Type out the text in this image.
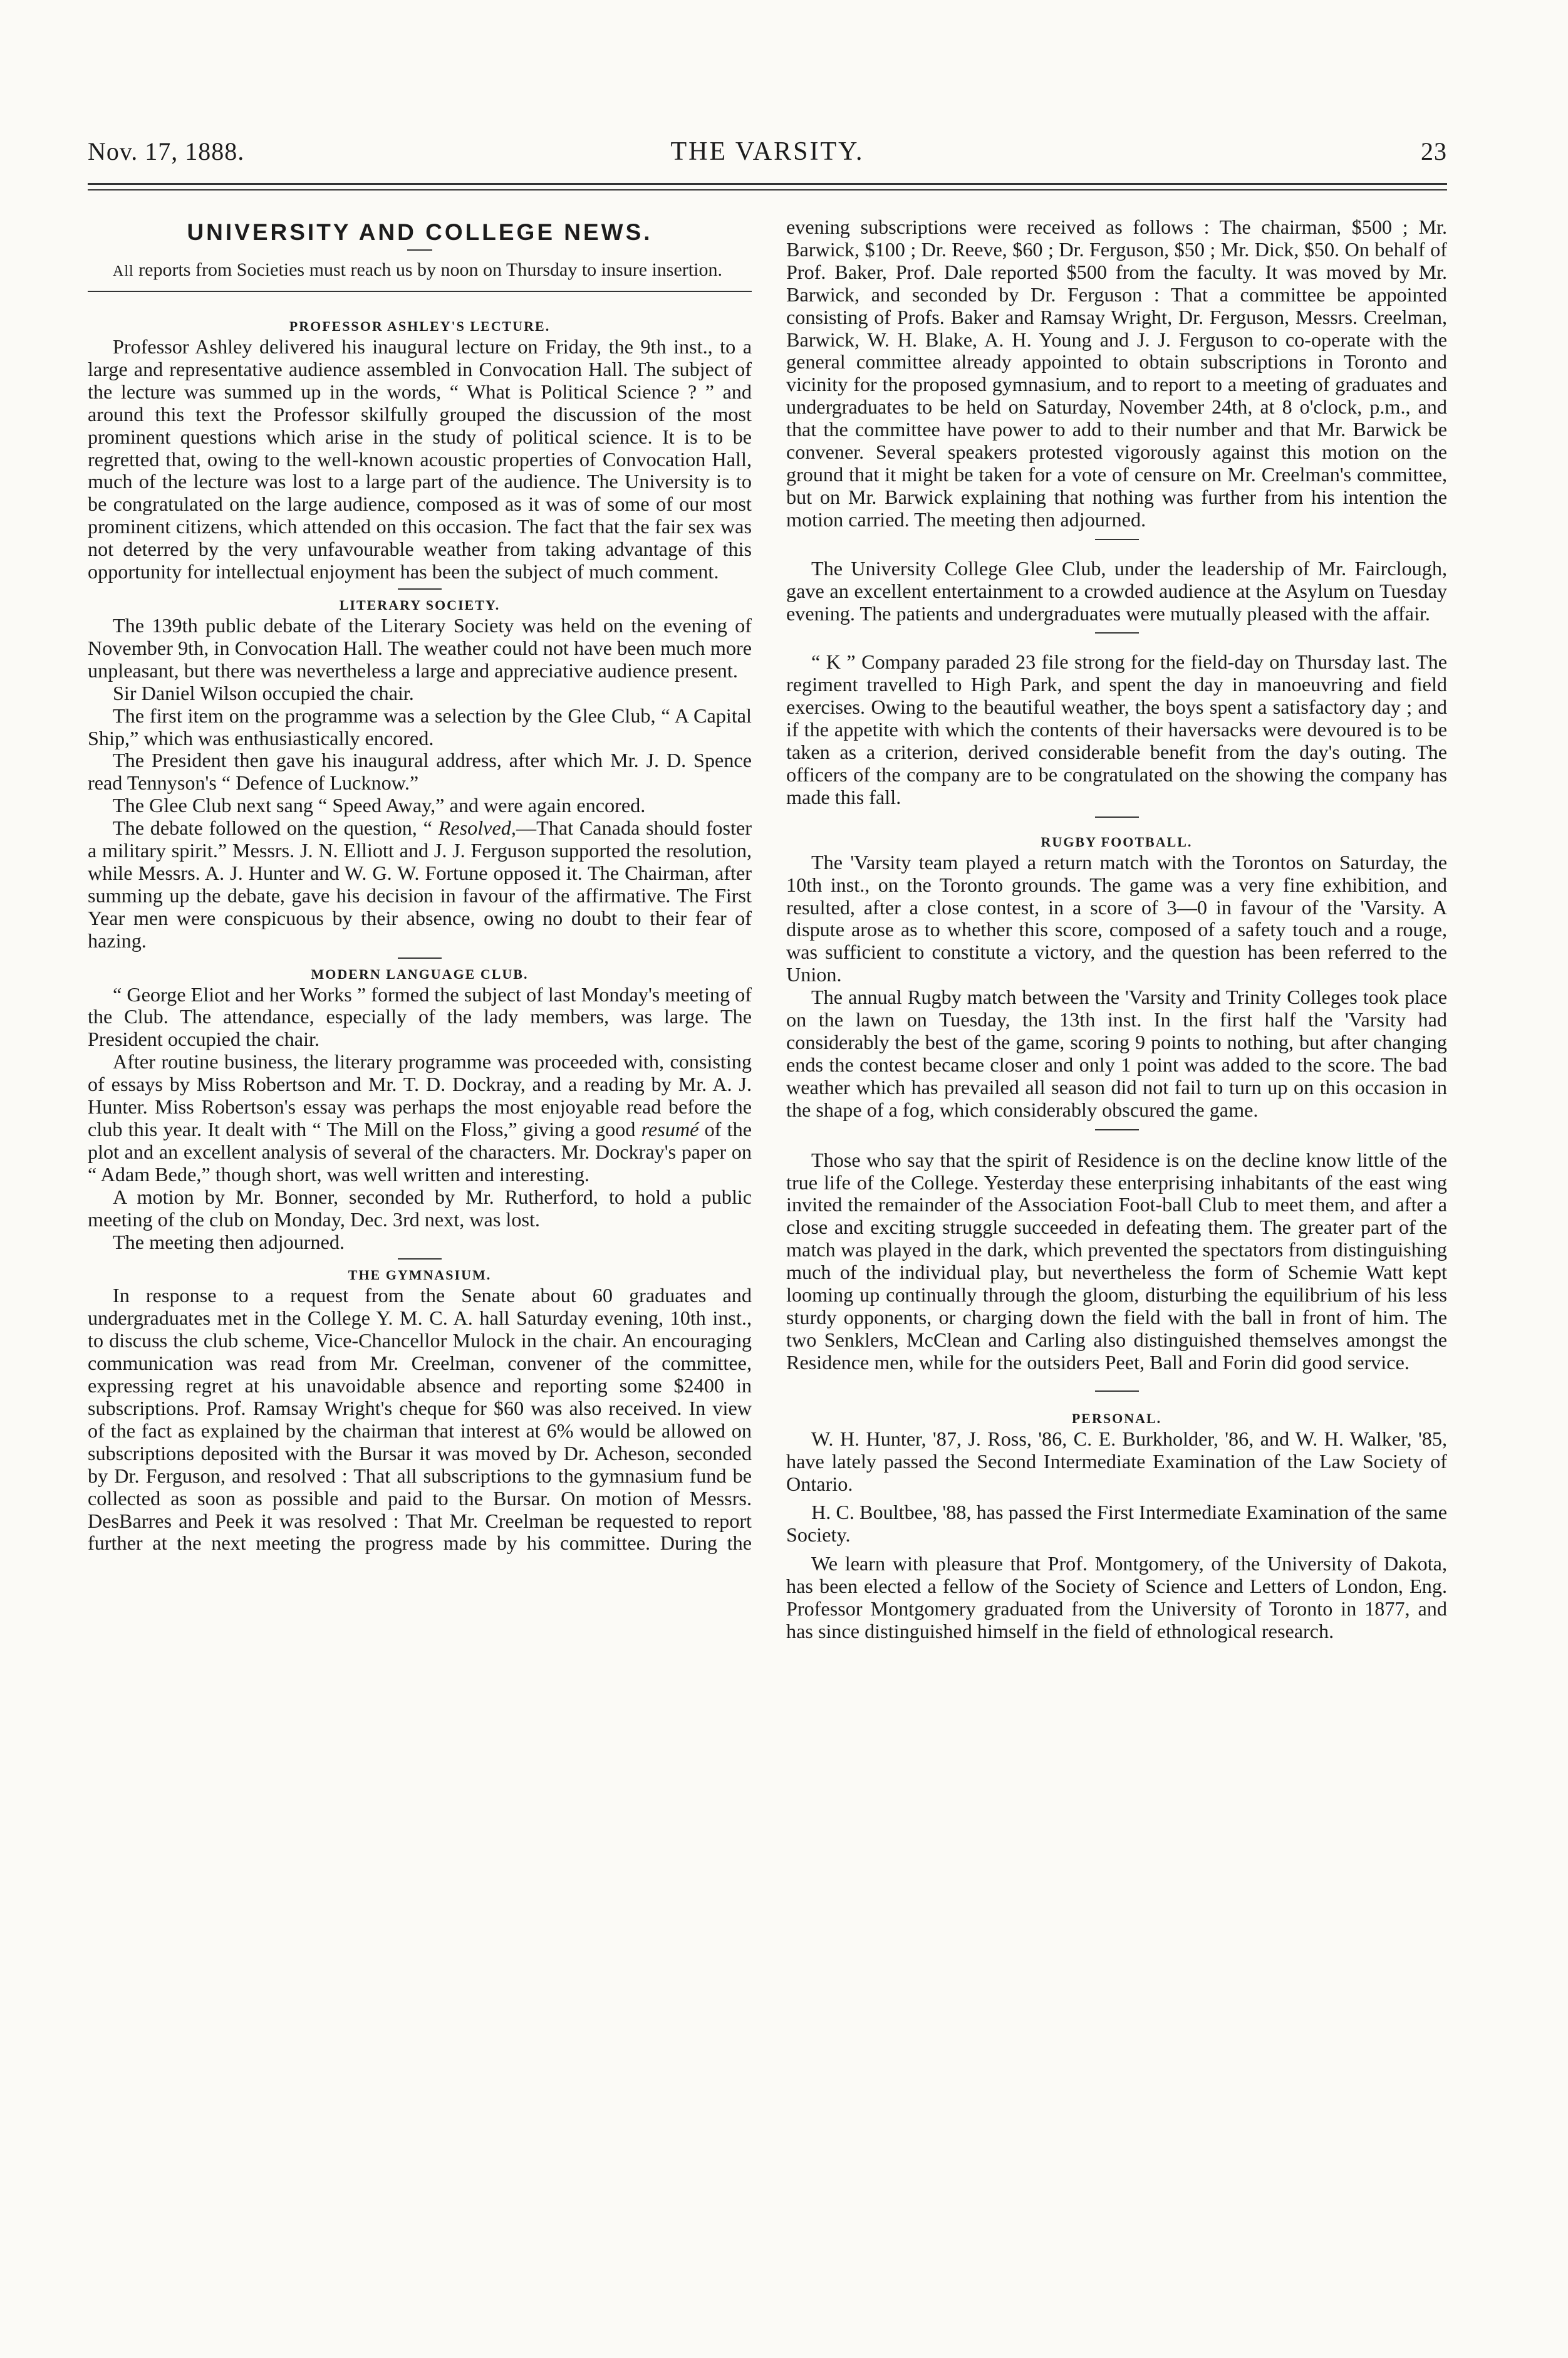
Nov. 17, 1888.	THE VARSITY.	23
UNIVERSITY AND COLLEGE NEWS.

All reports from Societies must reach us by noon on Thursday to insure insertion.

PROFESSOR ASHLEY'S LECTURE.

Professor Ashley delivered his inaugural lecture on Friday, the 9th inst., to a large and representative audience assembled in Convocation Hall. The subject of the lecture was summed up in the words, “ What is Political Science ? ” and around this text the Professor skilfully grouped the discussion of the most prominent questions which arise in the study of political science. It is to be regretted that, owing to the well-known acoustic properties of Convocation Hall, much of the lecture was lost to a large part of the audience. The University is to be congratulated on the large audience, composed as it was of some of our most prominent citizens, which attended on this occasion. The fact that the fair sex was not deterred by the very unfavourable weather from taking advantage of this opportunity for intellectual enjoyment has been the subject of much comment.

LITERARY SOCIETY.

The 139th public debate of the Literary Society was held on the evening of November 9th, in Convocation Hall. The weather could not have been much more unpleasant, but there was nevertheless a large and appreciative audience present.

Sir Daniel Wilson occupied the chair.

The first item on the programme was a selection by the Glee Club, “ A Capital Ship,” which was enthusiastically encored.

The President then gave his inaugural address, after which Mr. J. D. Spence read Tennyson's “ Defence of Lucknow.”

The Glee Club next sang “ Speed Away,” and were again encored.

The debate followed on the question, “ Resolved,—That Canada should foster a military spirit.” Messrs. J. N. Elliott and J. J. Ferguson supported the resolution, while Messrs. A. J. Hunter and W. G. W. Fortune opposed it. The Chairman, after summing up the debate, gave his decision in favour of the affirmative. The First Year men were conspicuous by their absence, owing no doubt to their fear of hazing.

MODERN LANGUAGE CLUB.

“ George Eliot and her Works ” formed the subject of last Monday's meeting of the Club. The attendance, especially of the lady members, was large. The President occupied the chair.

After routine business, the literary programme was proceeded with, consisting of essays by Miss Robertson and Mr. T. D. Dockray, and a reading by Mr. A. J. Hunter. Miss Robertson's essay was perhaps the most enjoyable read before the club this year. It dealt with “ The Mill on the Floss,” giving a good resumé of the plot and an excellent analysis of several of the characters. Mr. Dockray's paper on “ Adam Bede,” though short, was well written and interesting.

A motion by Mr. Bonner, seconded by Mr. Rutherford, to hold a public meeting of the club on Monday, Dec. 3rd next, was lost.

The meeting then adjourned.

THE GYMNASIUM.

In response to a request from the Senate about 60 graduates and undergraduates met in the College Y. M. C. A. hall Saturday evening, 10th inst., to discuss the club scheme, Vice-Chancellor Mulock in the chair. An encouraging communication was read from Mr. Creelman, convener of the committee, expressing regret at his unavoidable absence and reporting some $2400 in subscriptions. Prof. Ramsay Wright's cheque for $60 was also received. In view of the fact as explained by the chairman that interest at 6% would be allowed on subscriptions deposited with the Bursar it was moved by Dr. Acheson, seconded by Dr. Ferguson, and resolved : That all subscriptions to the gymnasium fund be collected as soon as possible and paid to the Bursar. On motion of Messrs. DesBarres and Peek it was resolved : That Mr. Creelman be requested to report further at the next meeting the progress made by his committee. During the

evening subscriptions were received as follows : The chairman, $500 ; Mr. Barwick, $100 ; Dr. Reeve, $60 ; Dr. Ferguson, $50 ; Mr. Dick, $50. On behalf of Prof. Baker, Prof. Dale reported $500 from the faculty. It was moved by Mr. Barwick, and seconded by Dr. Ferguson : That a committee be appointed consisting of Profs. Baker and Ramsay Wright, Dr. Ferguson, Messrs. Creelman, Barwick, W. H. Blake, A. H. Young and J. J. Ferguson to co-operate with the general committee already appointed to obtain subscriptions in Toronto and vicinity for the proposed gymnasium, and to report to a meeting of graduates and undergraduates to be held on Saturday, November 24th, at 8 o'clock, p.m., and that the committee have power to add to their number and that Mr. Barwick be convener. Several speakers protested vigorously against this motion on the ground that it might be taken for a vote of censure on Mr. Creelman's committee, but on Mr. Barwick explaining that nothing was further from his intention the motion carried. The meeting then adjourned.

The University College Glee Club, under the leadership of Mr. Fairclough, gave an excellent entertainment to a crowded audience at the Asylum on Tuesday evening. The patients and undergraduates were mutually pleased with the affair.

“ K ” Company paraded 23 file strong for the field-day on Thursday last. The regiment travelled to High Park, and spent the day in manoeuvring and field exercises. Owing to the beautiful weather, the boys spent a satisfactory day ; and if the appetite with which the contents of their haversacks were devoured is to be taken as a criterion, derived considerable benefit from the day's outing. The officers of the company are to be congratulated on the showing the company has made this fall.

RUGBY FOOTBALL.

The 'Varsity team played a return match with the Torontos on Saturday, the 10th inst., on the Toronto grounds. The game was a very fine exhibition, and resulted, after a close contest, in a score of 3—0 in favour of the 'Varsity. A dispute arose as to whether this score, composed of a safety touch and a rouge, was sufficient to constitute a victory, and the question has been referred to the Union.

The annual Rugby match between the 'Varsity and Trinity Colleges took place on the lawn on Tuesday, the 13th inst. In the first half the 'Varsity had considerably the best of the game, scoring 9 points to nothing, but after changing ends the contest became closer and only 1 point was added to the score. The bad weather which has prevailed all season did not fail to turn up on this occasion in the shape of a fog, which considerably obscured the game.

Those who say that the spirit of Residence is on the decline know little of the true life of the College. Yesterday these enterprising inhabitants of the east wing invited the remainder of the Association Foot-ball Club to meet them, and after a close and exciting struggle succeeded in defeating them. The greater part of the match was played in the dark, which prevented the spectators from distinguishing much of the individual play, but nevertheless the form of Schemie Watt kept looming up continually through the gloom, disturbing the equilibrium of his less sturdy opponents, or charging down the field with the ball in front of him. The two Senklers, McClean and Carling also distinguished themselves amongst the Residence men, while for the outsiders Peet, Ball and Forin did good service.

PERSONAL.

W. H. Hunter, '87, J. Ross, '86, C. E. Burkholder, '86, and W. H. Walker, '85, have lately passed the Second Intermediate Examination of the Law Society of Ontario.

H. C. Boultbee, '88, has passed the First Intermediate Examination of the same Society.

We learn with pleasure that Prof. Montgomery, of the University of Dakota, has been elected a fellow of the Society of Science and Letters of London, Eng. Professor Montgomery graduated from the University of Toronto in 1877, and has since distinguished himself in the field of ethnological research.
